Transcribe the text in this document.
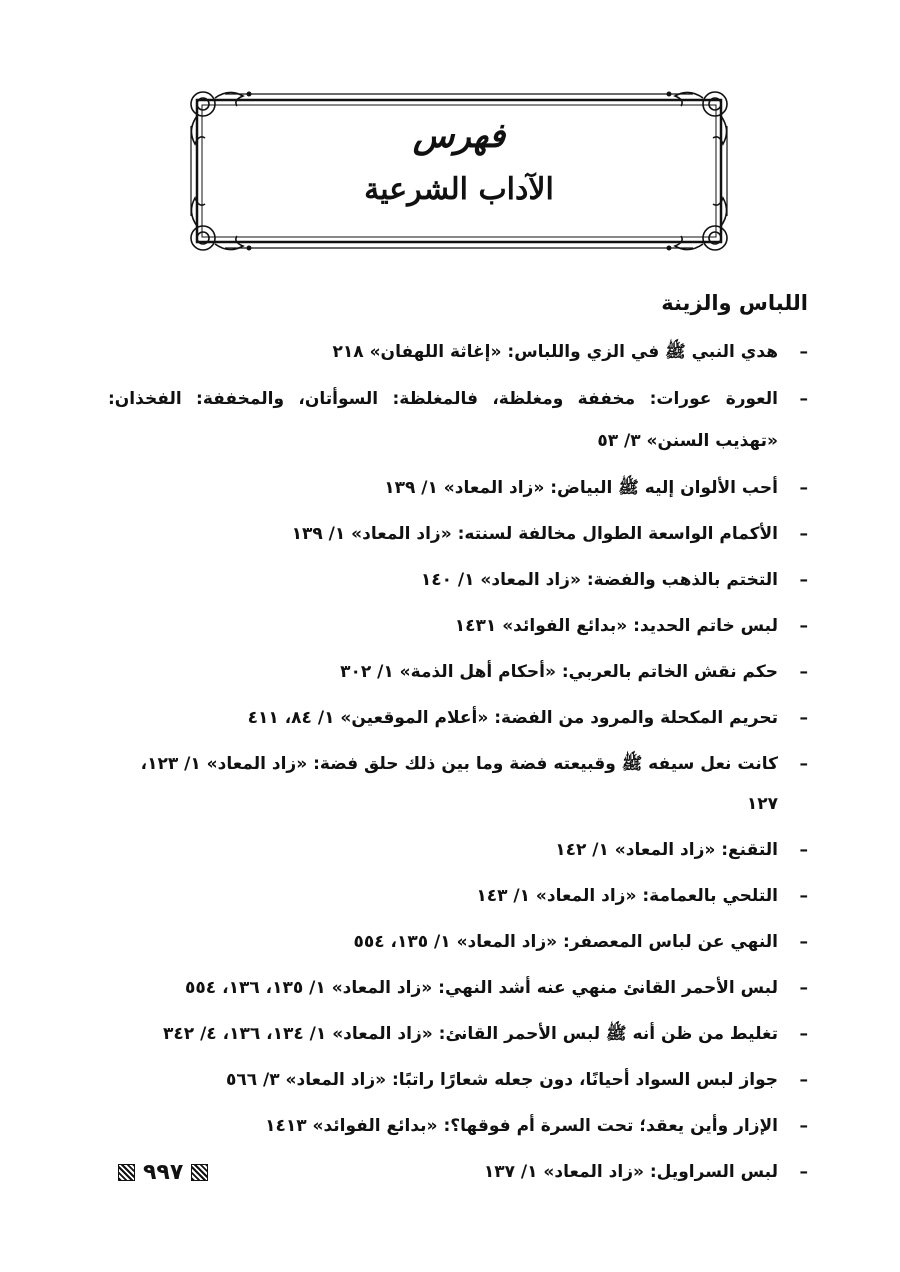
فهرس
الآداب الشرعية
اللباس والزينة
–
هدي النبي ﷺ في الزي واللباس: «إغاثة اللهفان» ٢١٨
–
العورة عورات: مخففة ومغلظة، فالمغلظة: السوأتان، والمخففة: الفخذان: «تهذيب السنن» ٣/ ٥٣
–
أحب الألوان إليه ﷺ البياض: «زاد المعاد» ١/ ١٣٩
–
الأكمام الواسعة الطوال مخالفة لسنته: «زاد المعاد» ١/ ١٣٩
–
التختم بالذهب والفضة: «زاد المعاد» ١/ ١٤٠
–
لبس خاتم الحديد: «بدائع الفوائد» ١٤٣١
–
حكم نقش الخاتم بالعربي: «أحكام أهل الذمة» ١/ ٣٠٢
–
تحريم المكحلة والمرود من الفضة: «أعلام الموقعين» ١/ ٨٤، ٤١١
–
كانت نعل سيفه ﷺ وقبيعته فضة وما بين ذلك حلق فضة: «زاد المعاد» ١/ ١٢٣، ١٢٧
–
التقنع: «زاد المعاد» ١/ ١٤٢
–
التلحي بالعمامة: «زاد المعاد» ١/ ١٤٣
–
النهي عن لباس المعصفر: «زاد المعاد» ١/ ١٣٥، ٥٥٤
–
لبس الأحمر القانئ منهي عنه أشد النهي: «زاد المعاد» ١/ ١٣٥، ١٣٦، ٥٥٤
–
تغليط من ظن أنه ﷺ لبس الأحمر القانئ: «زاد المعاد» ١/ ١٣٤، ١٣٦، ٤/ ٣٤٢
–
جواز لبس السواد أحيانًا، دون جعله شعارًا راتبًا: «زاد المعاد» ٣/ ٥٦٦
–
الإزار وأين يعقد؛ تحت السرة أم فوقها؟: «بدائع الفوائد» ١٤١٣
–
لبس السراويل: «زاد المعاد» ١/ ١٣٧
٩٩٧
